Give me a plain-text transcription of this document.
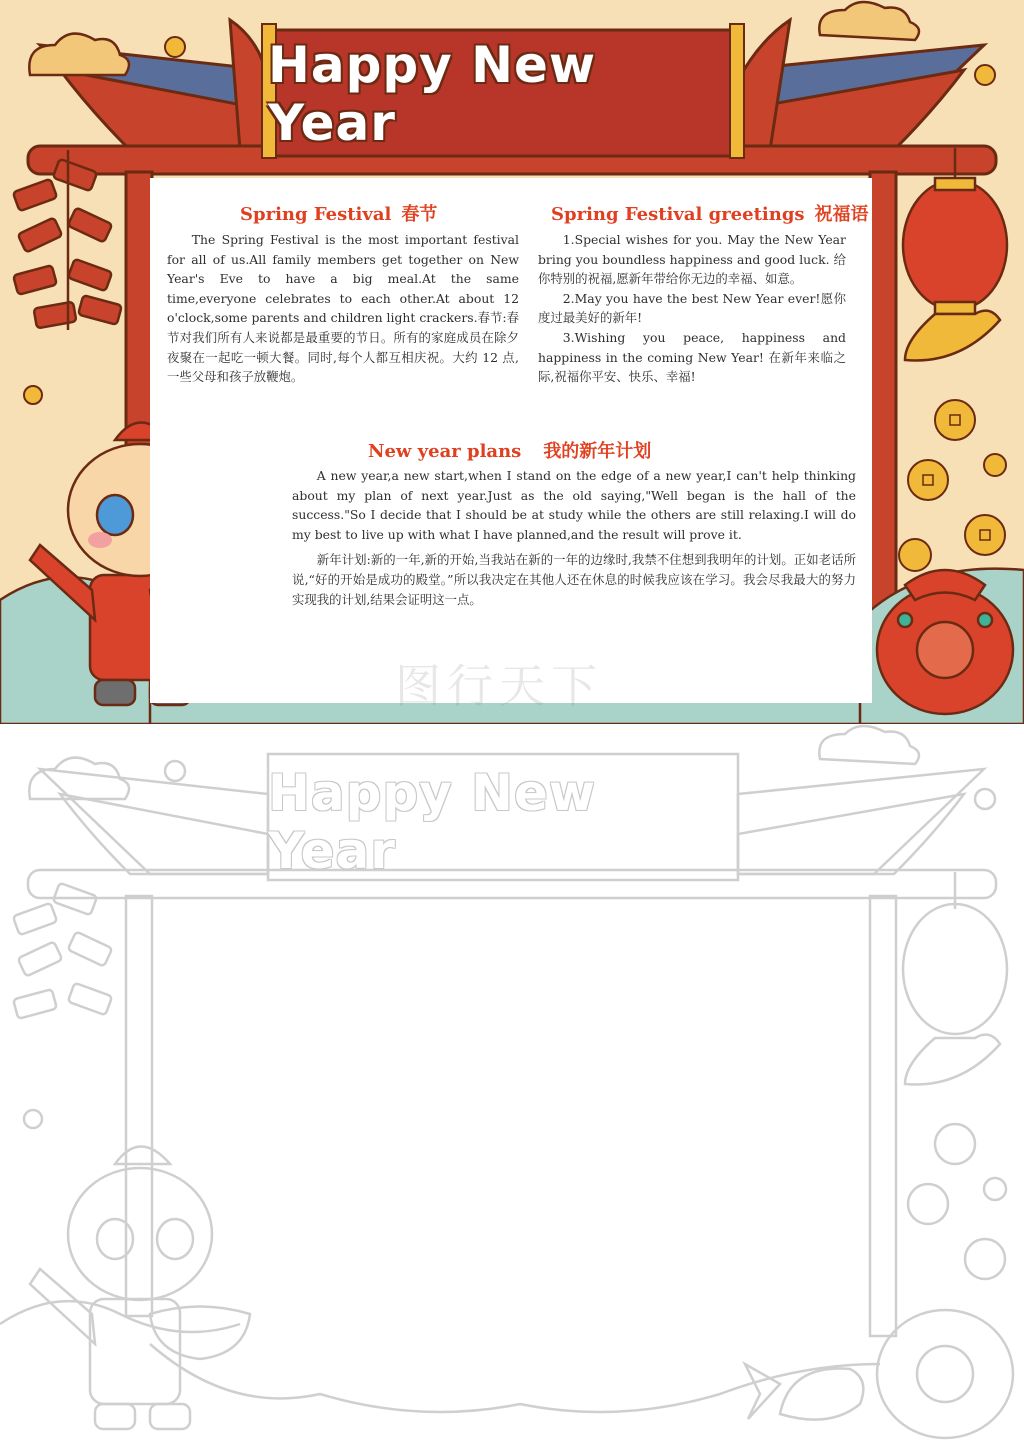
Happy New Year
Spring Festival 春节

The Spring Festival is the most important festival for all of us.All family members get together on New Year's Eve to have a big meal.At the same time,everyone celebrates to each other.At about 12 o'clock,some parents and children light crackers.春节:春节对我们所有人来说都是最重要的节日。所有的家庭成员在除夕夜聚在一起吃一顿大餐。同时,每个人都互相庆祝。大约 12 点,一些父母和孩子放鞭炮。

Spring Festival greetings 祝福语

1.Special wishes for you. May the New Year bring you boundless happiness and good luck. 给你特别的祝福,愿新年带给你无边的幸福、如意。

2.May you have the best New Year ever!愿你度过最美好的新年!

3.Wishing you peace, happiness and happiness in the coming New Year! 在新年来临之际,祝福你平安、快乐、幸福!

New year plans 我的新年计划

A new year,a new start,when I stand on the edge of a new year,I can't help thinking about my plan of next year.Just as the old saying,"Well began is the hall of the success."So I decide that I should be at study while the others are still relaxing.I will do my best to live up with what I have planned,and the result will prove it.

新年计划:新的一年,新的开始,当我站在新的一年的边缘时,我禁不住想到我明年的计划。正如老话所说,“好的开始是成功的殿堂。”所以我决定在其他人还在休息的时候我应该在学习。我会尽我最大的努力实现我的计划,结果会证明这一点。

图行天下
Happy New Year
